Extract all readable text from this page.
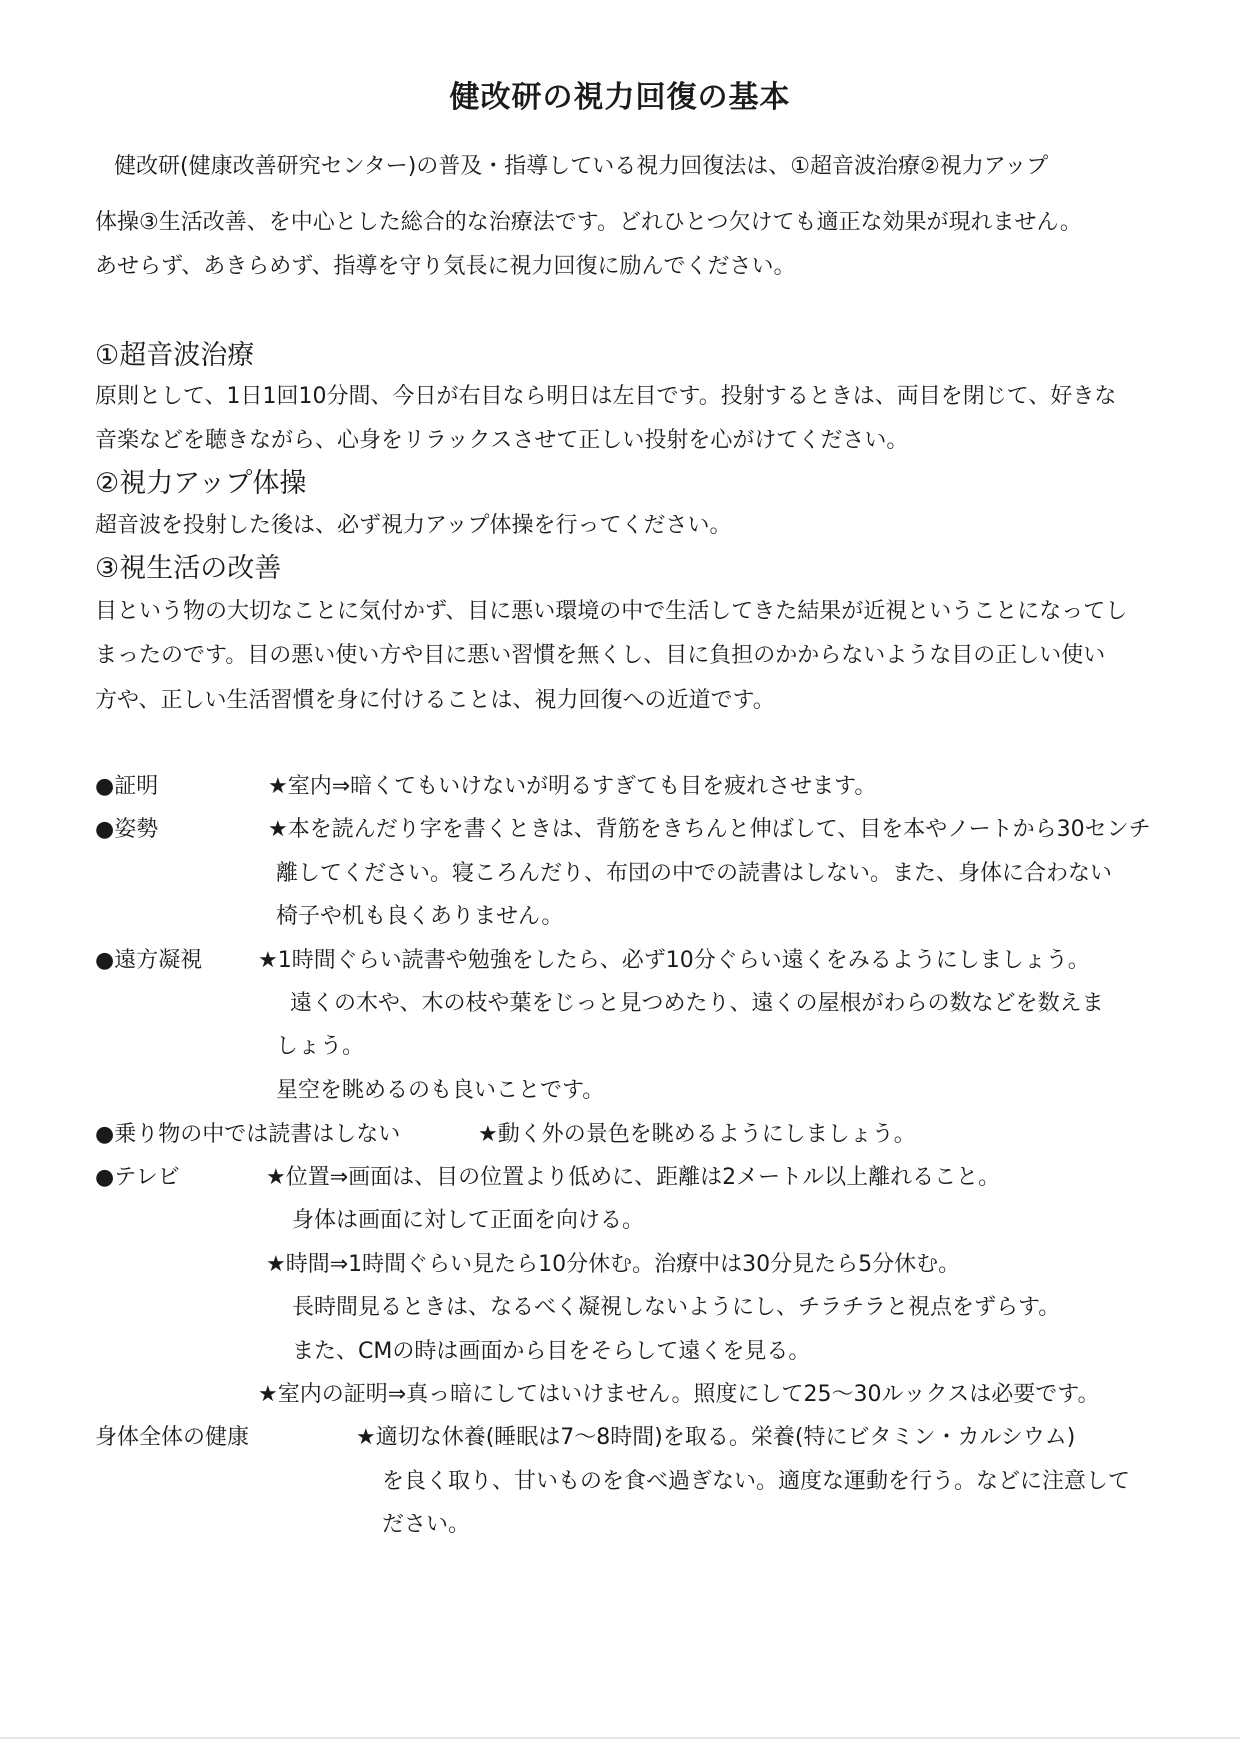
健改研の視力回復の基本
健改研(健康改善研究センター)の普及・指導している視力回復法は、①超音波治療②視力アップ
体操③生活改善、を中心とした総合的な治療法です。どれひとつ欠けても適正な効果が現れません。
あせらず、あきらめず、指導を守り気長に視力回復に励んでください。
①超音波治療
原則として、1日1回10分間、今日が右目なら明日は左目です。投射するときは、両目を閉じて、好きな
音楽などを聴きながら、心身をリラックスさせて正しい投射を心がけてください。
②視力アップ体操
超音波を投射した後は、必ず視力アップ体操を行ってください。
③視生活の改善
目という物の大切なことに気付かず、目に悪い環境の中で生活してきた結果が近視ということになってし
まったのです。目の悪い使い方や目に悪い習慣を無くし、目に負担のかからないような目の正しい使い
方や、正しい生活習慣を身に付けることは、視力回復への近道です。
●証明	★室内⇒暗くてもいけないが明るすぎても目を疲れさせます。
●姿勢	★本を読んだり字を書くときは、背筋をきちんと伸ばして、目を本やノートから30センチ
離してください。寝ころんだり、布団の中での読書はしない。また、身体に合わない
椅子や机も良くありません。
●遠方凝視	★1時間ぐらい読書や勉強をしたら、必ず10分ぐらい遠くをみるようにしましょう。
遠くの木や、木の枝や葉をじっと見つめたり、遠くの屋根がわらの数などを数えま
しょう。
星空を眺めるのも良いことです。
●乗り物の中では読書はしない	★動く外の景色を眺めるようにしましょう。
●テレビ	★位置⇒画面は、目の位置より低めに、距離は2メートル以上離れること。
身体は画面に対して正面を向ける。
★時間⇒1時間ぐらい見たら10分休む。治療中は30分見たら5分休む。
長時間見るときは、なるべく凝視しないようにし、チラチラと視点をずらす。
また、CMの時は画面から目をそらして遠くを見る。
★室内の証明⇒真っ暗にしてはいけません。照度にして25～30ルックスは必要です。
身体全体の健康	★適切な休養(睡眠は7～8時間)を取る。栄養(特にビタミン・カルシウム)
を良く取り、甘いものを食べ過ぎない。適度な運動を行う。などに注意して
ださい。
